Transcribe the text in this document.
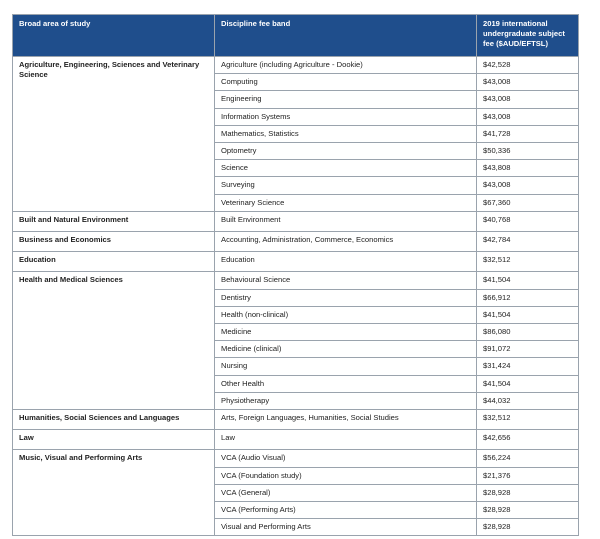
Broad area of study	Discipline fee band	2019 international undergraduate subject fee ($AUD/EFTSL)
Agriculture, Engineering, Sciences and Veterinary Science	Agriculture (including Agriculture - Dookie)	$42,528
	Computing	$43,008
	Engineering	$43,008
	Information Systems	$43,008
	Mathematics, Statistics	$41,728
	Optometry	$50,336
	Science	$43,808
	Surveying	$43,008
	Veterinary Science	$67,360
Built and Natural Environment	Built Environment	$40,768
Business and Economics	Accounting, Administration, Commerce, Economics	$42,784
Education	Education	$32,512
Health and Medical Sciences	Behavioural Science	$41,504
	Dentistry	$66,912
	Health (non-clinical)	$41,504
	Medicine	$86,080
	Medicine (clinical)	$91,072
	Nursing	$31,424
	Other Health	$41,504
	Physiotherapy	$44,032
Humanities, Social Sciences and Languages	Arts, Foreign Languages, Humanities, Social Studies	$32,512
Law	Law	$42,656
Music, Visual and Performing Arts	VCA (Audio Visual)	$56,224
	VCA (Foundation study)	$21,376
	VCA (General)	$28,928
	VCA (Performing Arts)	$28,928
	Visual and Performing Arts	$28,928
